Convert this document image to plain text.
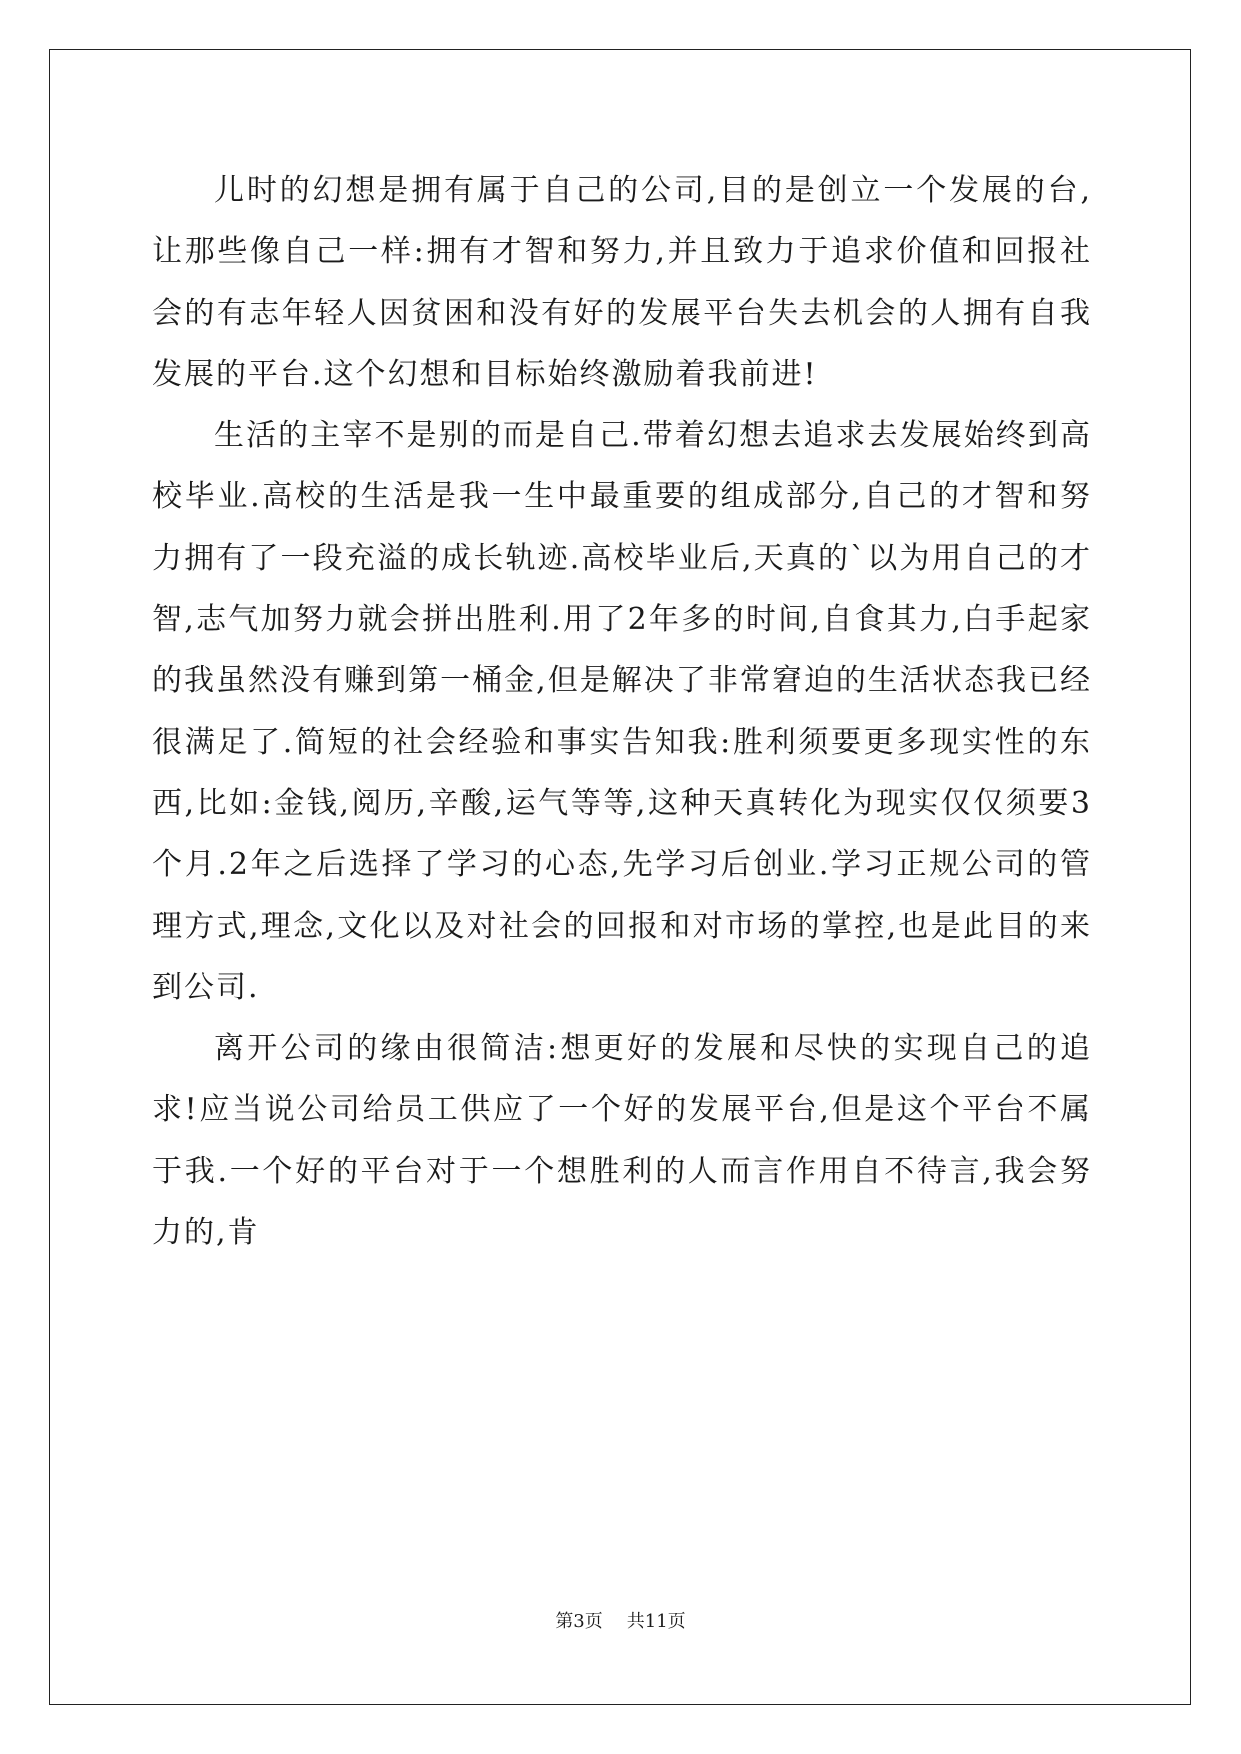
儿时的幻想是拥有属于自己的公司,目的是创立一个发展的台,让那些像自己一样:拥有才智和努力,并且致力于追求价值和回报社会的有志年轻人因贫困和没有好的发展平台失去机会的人拥有自我发展的平台.这个幻想和目标始终激励着我前进!

生活的主宰不是别的而是自己.带着幻想去追求去发展始终到高校毕业.高校的生活是我一生中最重要的组成部分,自己的才智和努力拥有了一段充溢的成长轨迹.高校毕业后,天真的`以为用自己的才智,志气加努力就会拼出胜利.用了2年多的时间,自食其力,白手起家的我虽然没有赚到第一桶金,但是解决了非常窘迫的生活状态我已经很满足了.简短的社会经验和事实告知我:胜利须要更多现实性的东西,比如:金钱,阅历,辛酸,运气等等,这种天真转化为现实仅仅须要3个月.2年之后选择了学习的心态,先学习后创业.学习正规公司的管理方式,理念,文化以及对社会的回报和对市场的掌控,也是此目的来到公司.

离开公司的缘由很简洁:想更好的发展和尽快的实现自己的追求!应当说公司给员工供应了一个好的发展平台,但是这个平台不属于我.一个好的平台对于一个想胜利的人而言作用自不待言,我会努力的,肯

第3页 共11页
